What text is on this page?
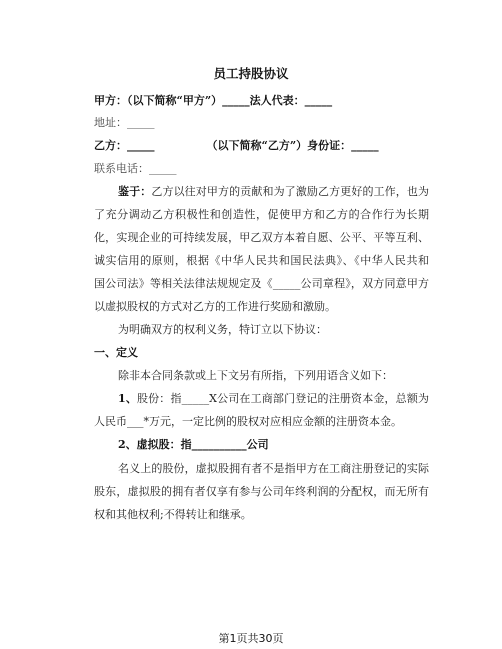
员工持股协议
甲方：（以下简称“甲方”）_____法人代表：_____
地址：_____
乙方：_____	（以下简称“乙方”）身份证：_____
联系电话：_____
鉴于：乙方以往对甲方的贡献和为了激励乙方更好的工作，也为
了充分调动乙方积极性和创造性，促使甲方和乙方的合作行为长期
化，实现企业的可持续发展，甲乙双方本着自愿、公平、平等互利、
诚实信用的原则，根据《中华人民共和国民法典》、《中华人民共和
国公司法》等相关法律法规规定及《_____公司章程》，双方同意甲方
以虚拟股权的方式对乙方的工作进行奖励和激励。
为明确双方的权利义务，特订立以下协议：
一、定义
除非本合同条款或上下文另有所指，下列用语含义如下：
1、股份：指_____X公司在工商部门登记的注册资本金，总额为
人民币___*万元，一定比例的股权对应相应金额的注册资本金。
2、虚拟股：指__________公司
名义上的股份，虚拟股拥有者不是指甲方在工商注册登记的实际
股东，虚拟股的拥有者仅享有参与公司年终利润的分配权，而无所有
权和其他权利;不得转让和继承。
第1页共30页
